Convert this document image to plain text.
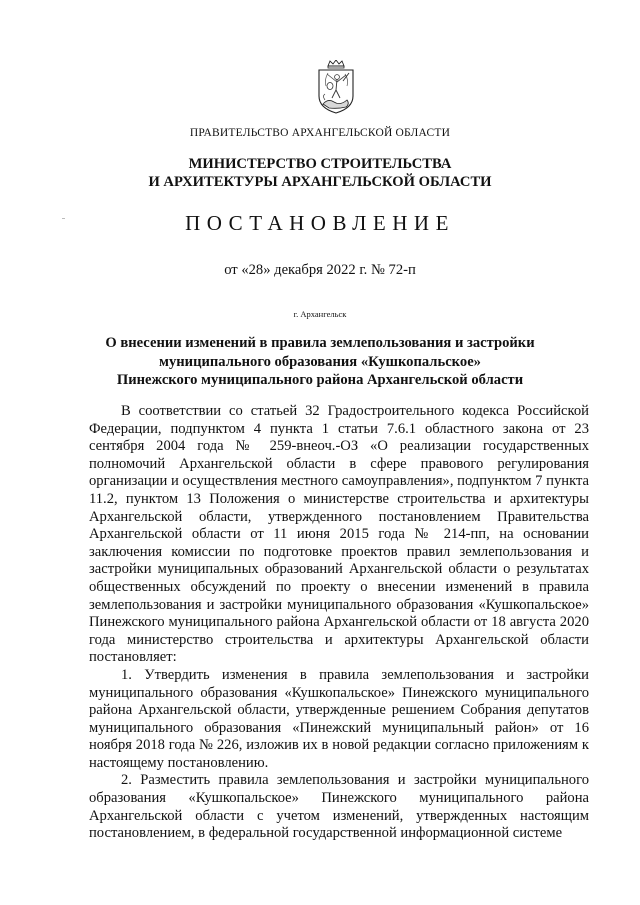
ПРАВИТЕЛЬСТВО АРХАНГЕЛЬСКОЙ ОБЛАСТИ
МИНИСТЕРСТВО СТРОИТЕЛЬСТВА
И АРХИТЕКТУРЫ АРХАНГЕЛЬСКОЙ ОБЛАСТИ
ПОСТАНОВЛЕНИЕ
от «28» декабря 2022 г. № 72-п
г. Архангельск
О внесении изменений в правила землепользования и застройки
муниципального образования «Кушкопальское»
Пинежского муниципального района Архангельской области

В соответствии со статьей 32 Градостроительного кодекса Российской Федерации, подпунктом 4 пункта 1 статьи 7.6.1 областного закона от 23 сентября 2004 года № 259-внеоч.-ОЗ «О реализации государственных полномочий Архангельской области в сфере правового регулирования организации и осуществления местного самоуправления», подпунктом 7 пункта 11.2, пунктом 13 Положения о министерстве строительства и архитектуры Архангельской области, утвержденного постановлением Правительства Архангельской области от 11 июня 2015 года № 214-пп, на основании заключения комиссии по подготовке проектов правил землепользования и застройки муниципальных образований Архангельской области о результатах общественных обсуждений по проекту о внесении изменений в правила землепользования и застройки муниципального образования «Кушкопальское» Пинежского муниципального района Архангельской области от 18 августа 2020 года министерство строительства и архитектуры Архангельской области постановляет:

1. Утвердить изменения в правила землепользования и застройки муниципального образования «Кушкопальское» Пинежского муниципального района Архангельской области, утвержденные решением Собрания депутатов муниципального образования «Пинежский муниципальный район» от 16 ноября 2018 года № 226, изложив их в новой редакции согласно приложениям к настоящему постановлению.

2. Разместить правила землепользования и застройки муниципального образования «Кушкопальское» Пинежского муниципального района Архангельской области с учетом изменений, утвержденных настоящим постановлением, в федеральной государственной информационной системе
